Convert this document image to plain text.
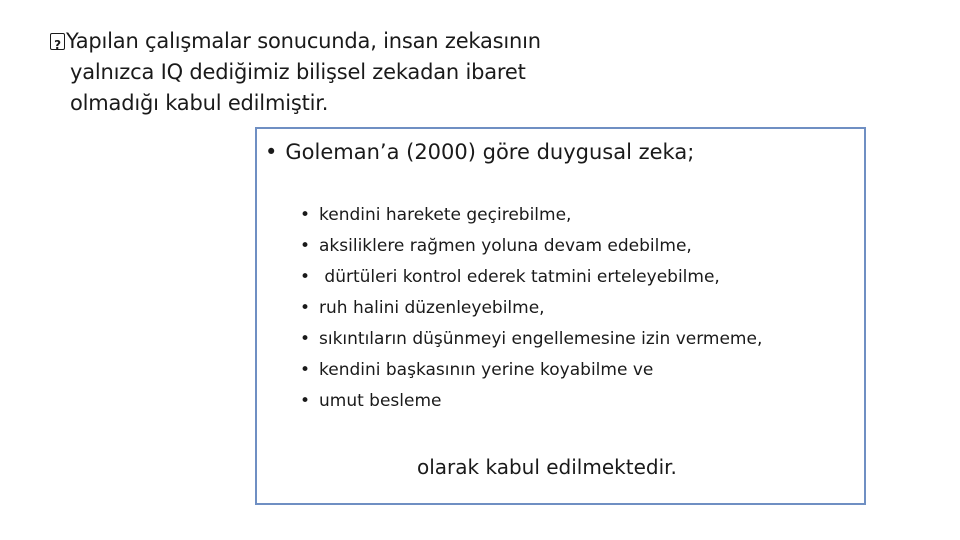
?Yapılan çalışmalar sonucunda, insan zekasının
yalnızca IQ dediğimiz bilişsel zekadan ibaret
olmadığı kabul edilmiştir.
• Goleman’a (2000) göre duygusal zeka;
• kendini harekete geçirebilme,
• aksiliklere rağmen yoluna devam edebilme,
• dürtüleri kontrol ederek tatmini erteleyebilme,
• ruh halini düzenleyebilme,
• sıkıntıların düşünmeyi engellemesine izin vermeme,
• kendini başkasının yerine koyabilme ve
• umut besleme
olarak kabul edilmektedir.
